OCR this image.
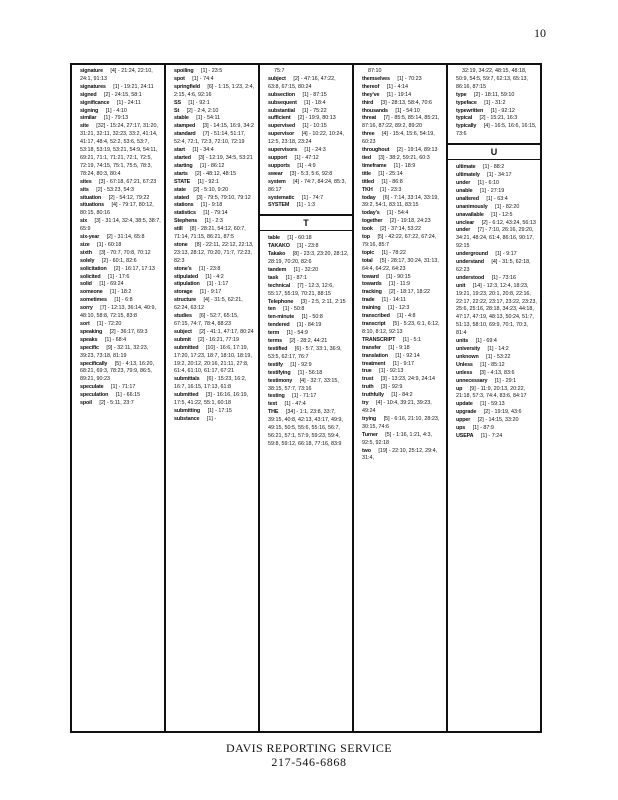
10
signature [4] - 21:24, 22:10, 24:1, 91:13
signatures [1] - 19:21, 24:11
signed [2] - 24:15, 58:1
significance [1] - 24:11
signing [1] - 4:10
similar [1] - 79:13
site [32] - 15:24, 27:17, 31:20, 31:21, 32:11, 32:23, 33:2, 41:14, 41:17, 48:4, 52:2, 53:6, 53:7, 53:18, 53:19, 53:21, 54:9, 54:11, 69:21, 71:1, 71:21, 72:1, 72:5, 72:19, 74:15, 75:1, 75:5, 78:3, 78:24, 80:3, 80:4
sites [3] - 67:18, 67:21, 67:23
sits [2] - 53:23, 54:3
situation [2] - 54:12, 79:22
situations [4] - 79:17, 80:12, 80:15, 80:16
six [3] - 31:14, 32:4, 38:5, 38:7, 65:9
six-year [2] - 31:14, 65:8
size [1] - 60:18
sixth [3] - 70:7, 70:8, 70:12
solely [2] - 60:1, 82:6
solicitation [2] - 16:17, 17:13
solicited [1] - 17:6
solid [1] - 69:24
someone [1] - 18:2
sometimes [1] - 6:8
sorry [7] - 12:13, 36:14, 40:9, 48:10, 58:8, 72:15, 83:8
sort [1] - 72:20
speaking [2] - 36:17, 69:3
speaks [1] - 68:4
specific [9] - 32:11, 32:23, 39:23, 73:18, 81:19
specifically [5] - 4:13, 16:20, 68:21, 69:3, 78:23, 79:9, 86:5, 89:21, 90:23
speculate [1] - 71:17
speculation [1] - 66:15
spoil [2] - 5:11, 23:7
spoiling [1] - 23:5
spot [1] - 74:4
springfield [6] - 1:15, 1:23, 2:4, 2:15, 4:6, 92:16
SS [1] - 92:1
St [2] - 2:4, 2:10
stable [1] - 54:11
stamped [3] - 14:15, 16:9, 34:2
standard [7] - 51:14, 51:17, 52:4, 72:1, 72:3, 72:10, 72:19
start [1] - 34:4
started [3] - 12:19, 34:5, 53:21
starting [1] - 86:12
starts [2] - 48:12, 48:15
STATE [1] - 92:1
state [2] - 5:10, 9:20
stated [3] - 79:5, 79:10, 79:12
stations [1] - 9:18
statistics [1] - 79:14
Stephens [1] - 2:3
still [8] - 28:21, 54:12, 60:7, 71:14, 71:15, 86:21, 87:5
stone [8] - 22:11, 22:12, 22:13, 23:13, 28:12, 70:20, 71:7, 72:23, 82:3
stone's [1] - 23:8
stipulated [1] - 4:2
stipulation [1] - 1:17
storage [1] - 9:17
structure [4] - 31:5, 62:21, 62:24, 63:12
studies [6] - 52:7, 65:15, 67:15, 74:7, 78:4, 88:23
subject [2] - 41:1, 47:17, 80:24
submit [2] - 16:21, 77:19
submitted [10] - 16:6, 17:19, 17:20, 17:23, 18:7, 18:10, 18:19, 19:2, 20:12, 20:16, 21:11, 27:8, 61:4, 61:10, 61:17, 67:21
submittals [6] - 15:23, 16:2, 16:7, 16:15, 17:13, 61:8
submitted [3] - 16:16, 16:19, 17:5, 41:22, 55:1, 60:18
submitting [1] - 17:15
substance [1] -
75:7
subject [2] - 47:16, 47:22, 63:8, 67:15, 80:24
subsection [1] - 87:15
subsequent [1] - 18:4
substantial [1] - 75:22
sufficient [2] - 19:9, 80:13
supervised [1] - 10:15
supervisor [4] - 10:22, 10:24, 12:5, 23:18, 23:24
supervisors [1] - 24:3
support [1] - 47:12
supports [1] - 4:9
swear [3] - 5:3, 5:6, 92:8
system [4] - 74:7, 84:24, 85:3, 86:17
systematic [1] - 74:7
SYSTEM [1] - 1:3
T
table [1] - 60:18
TAKAKO [1] - 23:8
Takako [8] - 23:3, 23:20, 28:12, 28:19, 70:20, 82:6
tandem [1] - 32:20
task [1] - 87:1
technical [7] - 12:3, 12:6, 55:17, 55:19, 70:21, 88:15
Telephone [3] - 2:5, 2:11, 2:15
ten [1] - 50:8
ten-minute [1] - 50:8
tendered [1] - 84:19
term [1] - 54:9
terms [2] - 28:2, 44:21
testified [6] - 5:7, 33:1, 36:9, 53:5, 62:17, 76:7
testify [1] - 92:9
testifying [1] - 56:18
testimony [4] - 32:7, 33:15, 38:15, 57:7, 73:16
testing [1] - 71:17
text [1] - 47:4
THE [34] - 1:1, 23:8, 33:7, 39:15, 40:8, 42:13, 43:17, 49:9, 49:15, 50:5, 55:6, 55:16, 56:7, 56:21, 57:1, 57:9, 59:23, 59:4, 59:8, 59:12, 66:18, 77:16, 83:9
87:10
themselves [1] - 70:23
thereof [1] - 4:14
they've [1] - 19:14
third [3] - 28:13, 58:4, 70:6
thousands [1] - 54:10
threat [7] - 85:5, 85:14, 85:21, 87:16, 87:22, 89:2, 89:20
three [4] - 15:4, 15:6, 54:19, 60:23
throughout [2] - 19:14, 89:13
tied [3] - 38:2, 59:21, 60:3
timeframe [1] - 18:9
title [1] - 25:14
titled [1] - 86:8
TKH [1] - 23:3
today [6] - 7:14, 33:14, 33:19, 39:2, 54:1, 83:11, 83:15
today's [1] - 54:4
together [2] - 19:18, 24:23
took [2] - 37:14, 53:22
top [5] - 42:22, 67:22, 67:24, 79:16, 85:7
topic [1] - 78:22
total [5] - 28:17, 30:24, 31:13, 64:4, 64:22, 64:23
toward [1] - 90:15
towards [1] - 11:9
tracking [2] - 18:17, 18:22
trade [1] - 14:11
training [1] - 12:3
transcribed [1] - 4:8
transcript [5] - 5:23, 6:1, 6:12, 8:10, 8:12, 92:13
TRANSCRIPT [1] - 5:1
transfer [1] - 9:18
translation [1] - 92:14
treatment [1] - 9:17
true [1] - 92:13
trust [3] - 13:23, 24:9, 24:14
truth [3] - 92:9
truthfully [1] - 84:2
try [4] - 10:4, 39:21, 39:23, 49:24
trying [5] - 6:16, 21:10, 28:23, 30:15, 74:6
Turner [5] - 1:16, 1:21, 4:3, 92:5, 92:18
two [19] - 22:10, 25:12, 29:4, 31:4,
32:19, 34:22, 48:15, 48:18, 50:9, 54:5, 59:7, 62:13, 65:13, 86:16, 87:15
type [2] - 18:11, 59:10
typeface [1] - 31:2
typewritten [1] - 92:12
typical [2] - 15:21, 16:3
typically [4] - 16:5, 16:6, 16:15, 73:6
U
ultimate [1] - 88:2
ultimately [1] - 34:17
under [1] - 6:10
unable [1] - 27:19
unaltered [1] - 63:4
unanimously [1] - 82:20
unavailable [1] - 12:5
unclear [2] - 6:12, 43:24, 56:13
under [7] - 7:10, 26:16, 29:20, 34:21, 48:24, 61:4, 86:16, 90:17, 92:15
underground [1] - 9:17
understand [4] - 31:5, 62:18, 62:23
understood [1] - 73:16
unit [14] - 12:3, 12:4, 18:23, 19:21, 19:23, 20:1, 20:8, 22:16, 22:17, 22:22, 23:17, 23:22, 23:23, 25:6, 25:16, 28:18, 34:23, 44:18, 47:17, 47:19, 48:13, 50:24, 51:7, 51:13, 58:10, 69:9, 70:1, 70:3, 81:4
units [1] - 69:4
university [1] - 14:2
unknown [1] - 53:22
Unless [1] - 85:12
unless [3] - 4:13, 83:6
unnecessary [1] - 29:1
up [9] - 11:9, 20:13, 20:22, 21:18, 57:3, 74:4, 83:6, 84:17
update [1] - 59:13
upgrade [2] - 19:19, 43:6
upper [2] - 14:15, 33:20
ups [1] - 87:9
USEPA [1] - 7:24
DAVIS REPORTING SERVICE
217-546-6868
